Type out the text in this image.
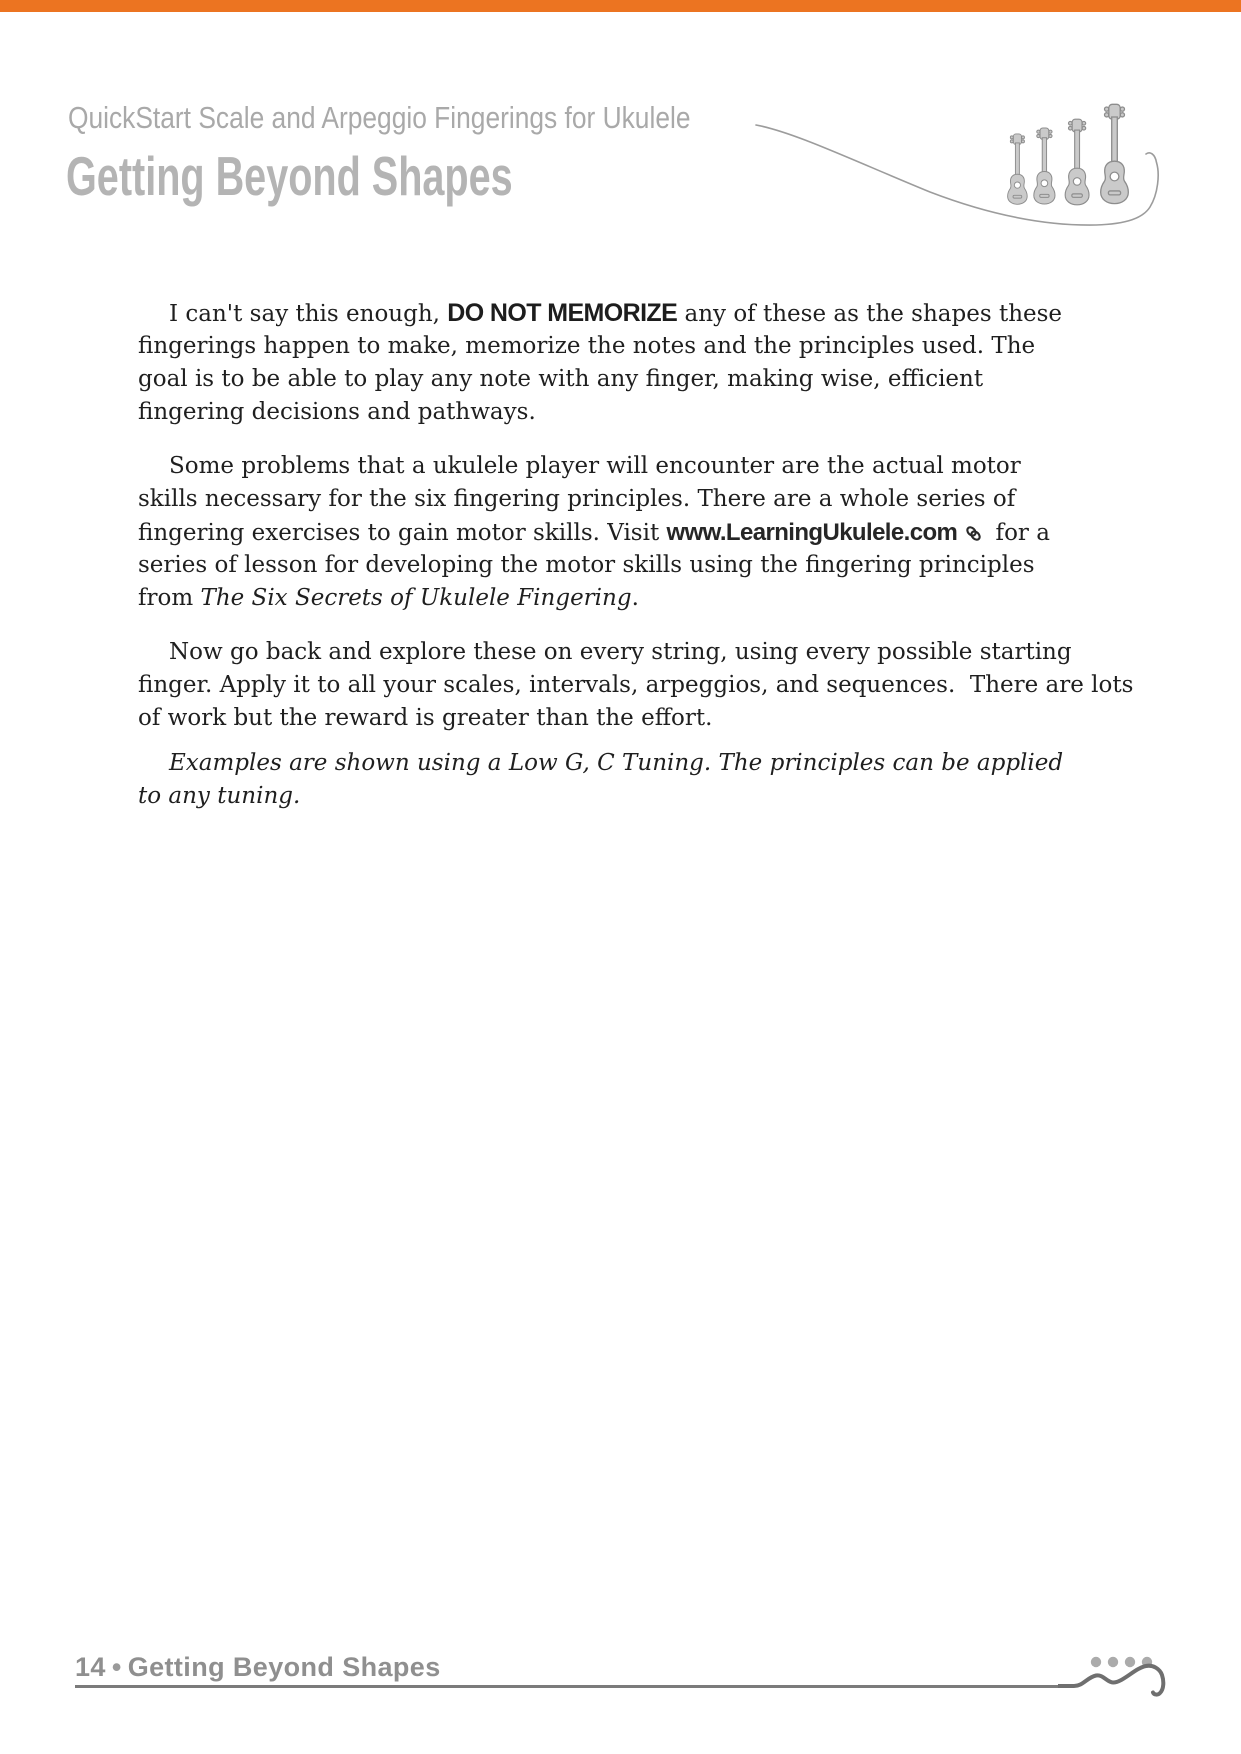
QuickStart Scale and Arpeggio Fingerings for Ukulele
Getting Beyond Shapes

I can't say this enough, DO NOT MEMORIZE any of these as the shapes these
fingerings happen to make, memorize the notes and the principles used. The
goal is to be able to play any note with any finger, making wise, efficient
fingering decisions and pathways.

Some problems that a ukulele player will encounter are the actual motor
skills necessary for the six fingering principles. There are a whole series of
fingering exercises to gain motor skills. Visit www.LearningUkulele.com for a
series of lesson for developing the motor skills using the fingering principles
from The Six Secrets of Ukulele Fingering.

Now go back and explore these on every string, using every possible starting
finger. Apply it to all your scales, intervals, arpeggios, and sequences.  There are lots
of work but the reward is greater than the effort.

Examples are shown using a Low G, C Tuning. The principles can be applied
to any tuning.

14 • Getting Beyond Shapes
